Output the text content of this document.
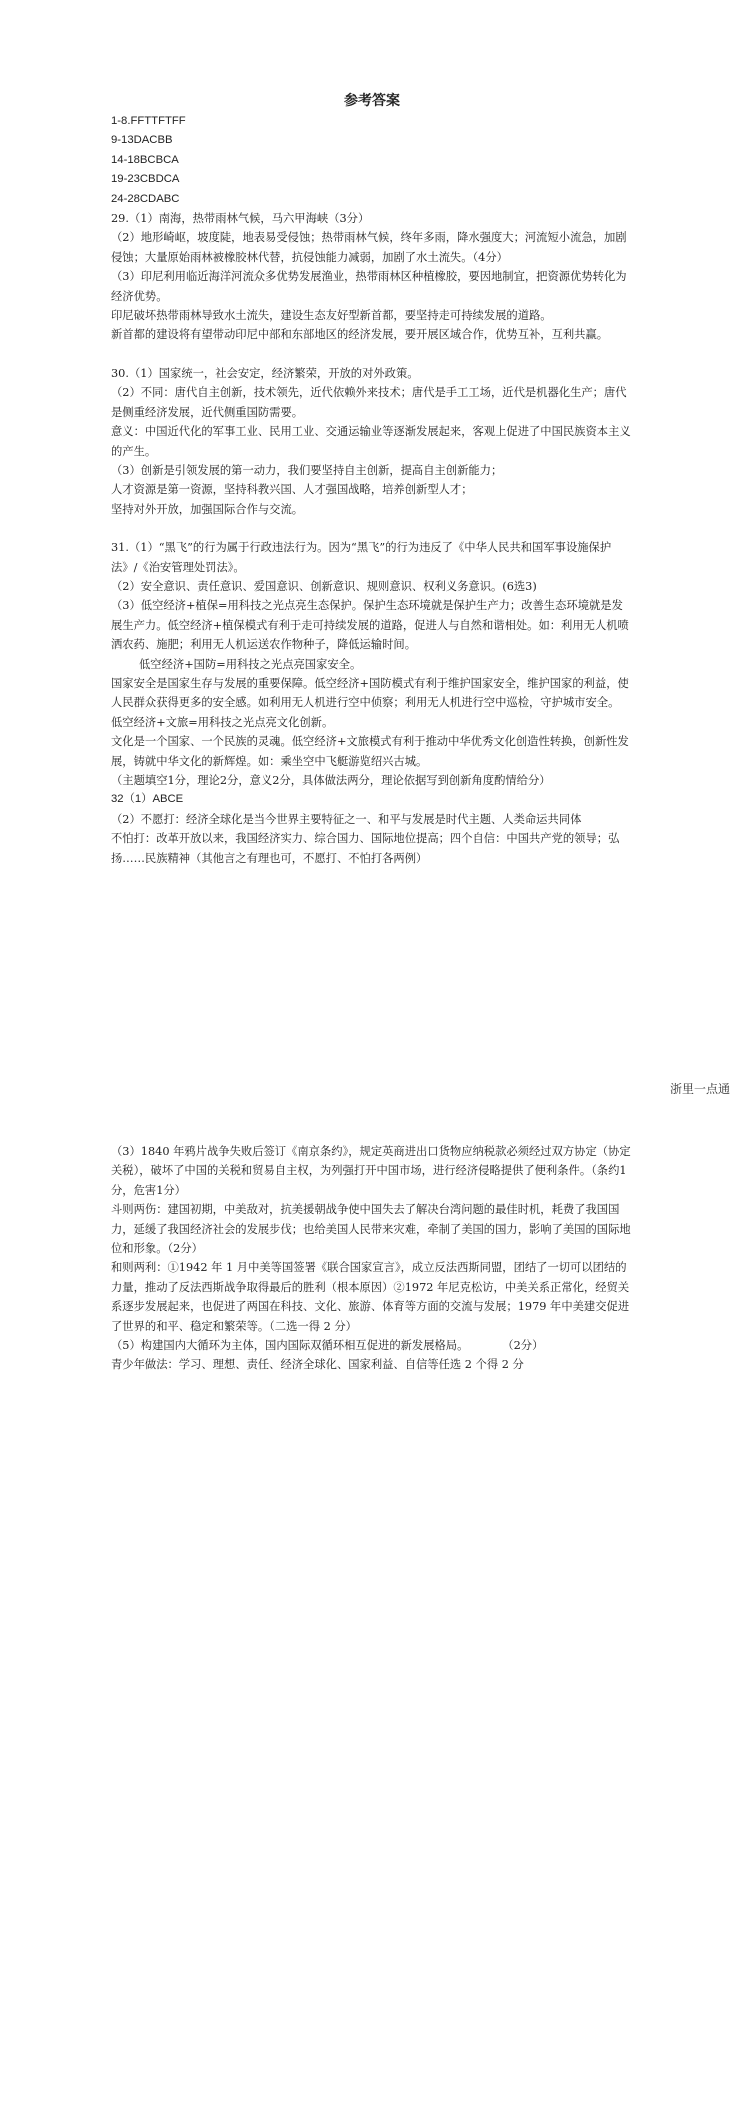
参考答案

1-8.FFTTFTFF

9-13DACBB

14-18BCBCA

19-23CBDCA

24-28CDABC

29.（1）南海，热带雨林气候，马六甲海峡（3分）

（2）地形崎岖，坡度陡，地表易受侵蚀；热带雨林气候，终年多雨，降水强度大；河流短小流急，加剧侵蚀；大量原始雨林被橡胶林代替，抗侵蚀能力减弱，加剧了水土流失。（4分）

（3）印尼利用临近海洋河流众多优势发展渔业，热带雨林区种植橡胶，要因地制宜，把资源优势转化为经济优势。

印尼破坏热带雨林导致水土流失，建设生态友好型新首都，要坚持走可持续发展的道路。

新首都的建设将有望带动印尼中部和东部地区的经济发展，要开展区域合作，优势互补，互利共赢。

30.（1）国家统一，社会安定，经济繁荣，开放的对外政策。

（2）不同：唐代自主创新，技术领先，近代依赖外来技术；唐代是手工工场，近代是机器化生产；唐代是侧重经济发展，近代侧重国防需要。

意义：中国近代化的军事工业、民用工业、交通运输业等逐渐发展起来，客观上促进了中国民族资本主义的产生。

（3）创新是引领发展的第一动力，我们要坚持自主创新，提高自主创新能力；

人才资源是第一资源，坚持科教兴国、人才强国战略，培养创新型人才；

坚持对外开放，加强国际合作与交流。

31.（1）“黑飞”的行为属于行政违法行为。因为“黑飞”的行为违反了《中华人民共和国军事设施保护法》/《治安管理处罚法》。

（2）安全意识、责任意识、爱国意识、创新意识、规则意识、权利义务意识。(6选3)

（3）低空经济+植保=用科技之光点亮生态保护。保护生态环境就是保护生产力；改善生态环境就是发展生产力。低空经济+植保模式有利于走可持续发展的道路，促进人与自然和谐相处。如：利用无人机喷洒农药、施肥；利用无人机运送农作物种子，降低运输时间。

低空经济+国防=用科技之光点亮国家安全。

国家安全是国家生存与发展的重要保障。低空经济+国防模式有利于维护国家安全，维护国家的利益，使人民群众获得更多的安全感。如利用无人机进行空中侦察；利用无人机进行空中巡检，守护城市安全。

低空经济+文旅=用科技之光点亮文化创新。

文化是一个国家、一个民族的灵魂。低空经济+文旅模式有利于推动中华优秀文化创造性转换，创新性发展，铸就中华文化的新辉煌。如：乘坐空中飞艇游览绍兴古城。

（主题填空1分，理论2分，意义2分，具体做法两分，理论依据写到创新角度酌情给分）

32（1）ABCE

（2）不愿打：经济全球化是当今世界主要特征之一、和平与发展是时代主题、人类命运共同体

不怕打：改革开放以来，我国经济实力、综合国力、国际地位提高；四个自信：中国共产党的领导；弘扬……民族精神（其他言之有理也可，不愿打、不怕打各两例）

浙里一点通

（3）1840 年鸦片战争失败后签订《南京条约》，规定英商进出口货物应纳税款必须经过双方协定（协定关税），破坏了中国的关税和贸易自主权，为列强打开中国市场，进行经济侵略提供了便利条件。（条约1分，危害1分）

斗则两伤：建国初期，中美敌对，抗美援朝战争使中国失去了解决台湾问题的最佳时机，耗费了我国国力，延缓了我国经济社会的发展步伐；也给美国人民带来灾难，牵制了美国的国力，影响了美国的国际地位和形象。（2分）

和则两利：①1942 年 1 月中美等国签署《联合国家宣言》，成立反法西斯同盟，团结了一切可以团结的力量，推动了反法西斯战争取得最后的胜利（根本原因）②1972 年尼克松访，中美关系正常化，经贸关系逐步发展起来，也促进了两国在科技、文化、旅游、体育等方面的交流与发展；1979 年中美建交促进了世界的和平、稳定和繁荣等。（二选一得 2 分）

（5）构建国内大循环为主体，国内国际双循环相互促进的新发展格局。　　　　（2分）

青少年做法：学习、理想、责任、经济全球化、国家利益、自信等任选 2 个得 2 分
